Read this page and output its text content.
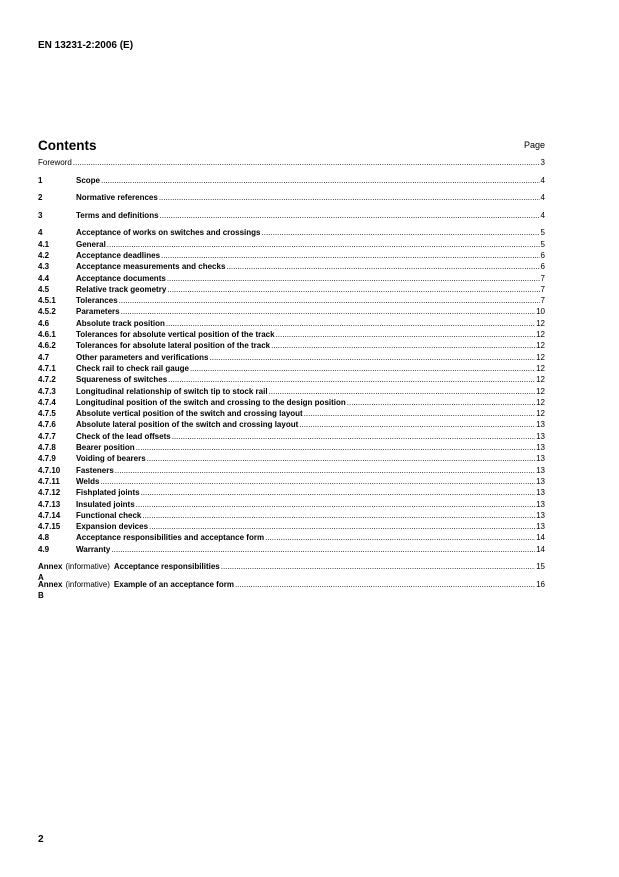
EN 13231-2:2006 (E)
Contents	Page
Foreword .....	3
1	Scope .....	4
2	Normative references .....	4
3	Terms and definitions .....	4
4	Acceptance of works on switches and crossings .....	5
4.1	General .....	5
4.2	Acceptance deadlines .....	6
4.3	Acceptance measurements and checks .....	6
4.4	Acceptance documents .....	7
4.5	Relative track geometry .....	7
4.5.1	Tolerances .....	7
4.5.2	Parameters .....	10
4.6	Absolute track position .....	12
4.6.1	Tolerances for absolute vertical position of the track .....	12
4.6.2	Tolerances for absolute lateral position of the track .....	12
4.7	Other parameters and verifications .....	12
4.7.1	Check rail to check rail gauge .....	12
4.7.2	Squareness of switches .....	12
4.7.3	Longitudinal relationship of switch tip to stock rail .....	12
4.7.4	Longitudinal position of the switch and crossing to the design position .....	12
4.7.5	Absolute vertical position of the switch and crossing layout .....	12
4.7.6	Absolute lateral position of the switch and crossing layout .....	13
4.7.7	Check of the lead offsets .....	13
4.7.8	Bearer position .....	13
4.7.9	Voiding of bearers .....	13
4.7.10	Fasteners .....	13
4.7.11	Welds .....	13
4.7.12	Fishplated joints .....	13
4.7.13	Insulated joints .....	13
4.7.14	Functional check .....	13
4.7.15	Expansion devices .....	13
4.8	Acceptance responsibilities and acceptance form .....	14
4.9	Warranty .....	14
Annex A
(informative) Acceptance responsibilities .....	15
Annex B
(informative) Example of an acceptance form .....	16
2
